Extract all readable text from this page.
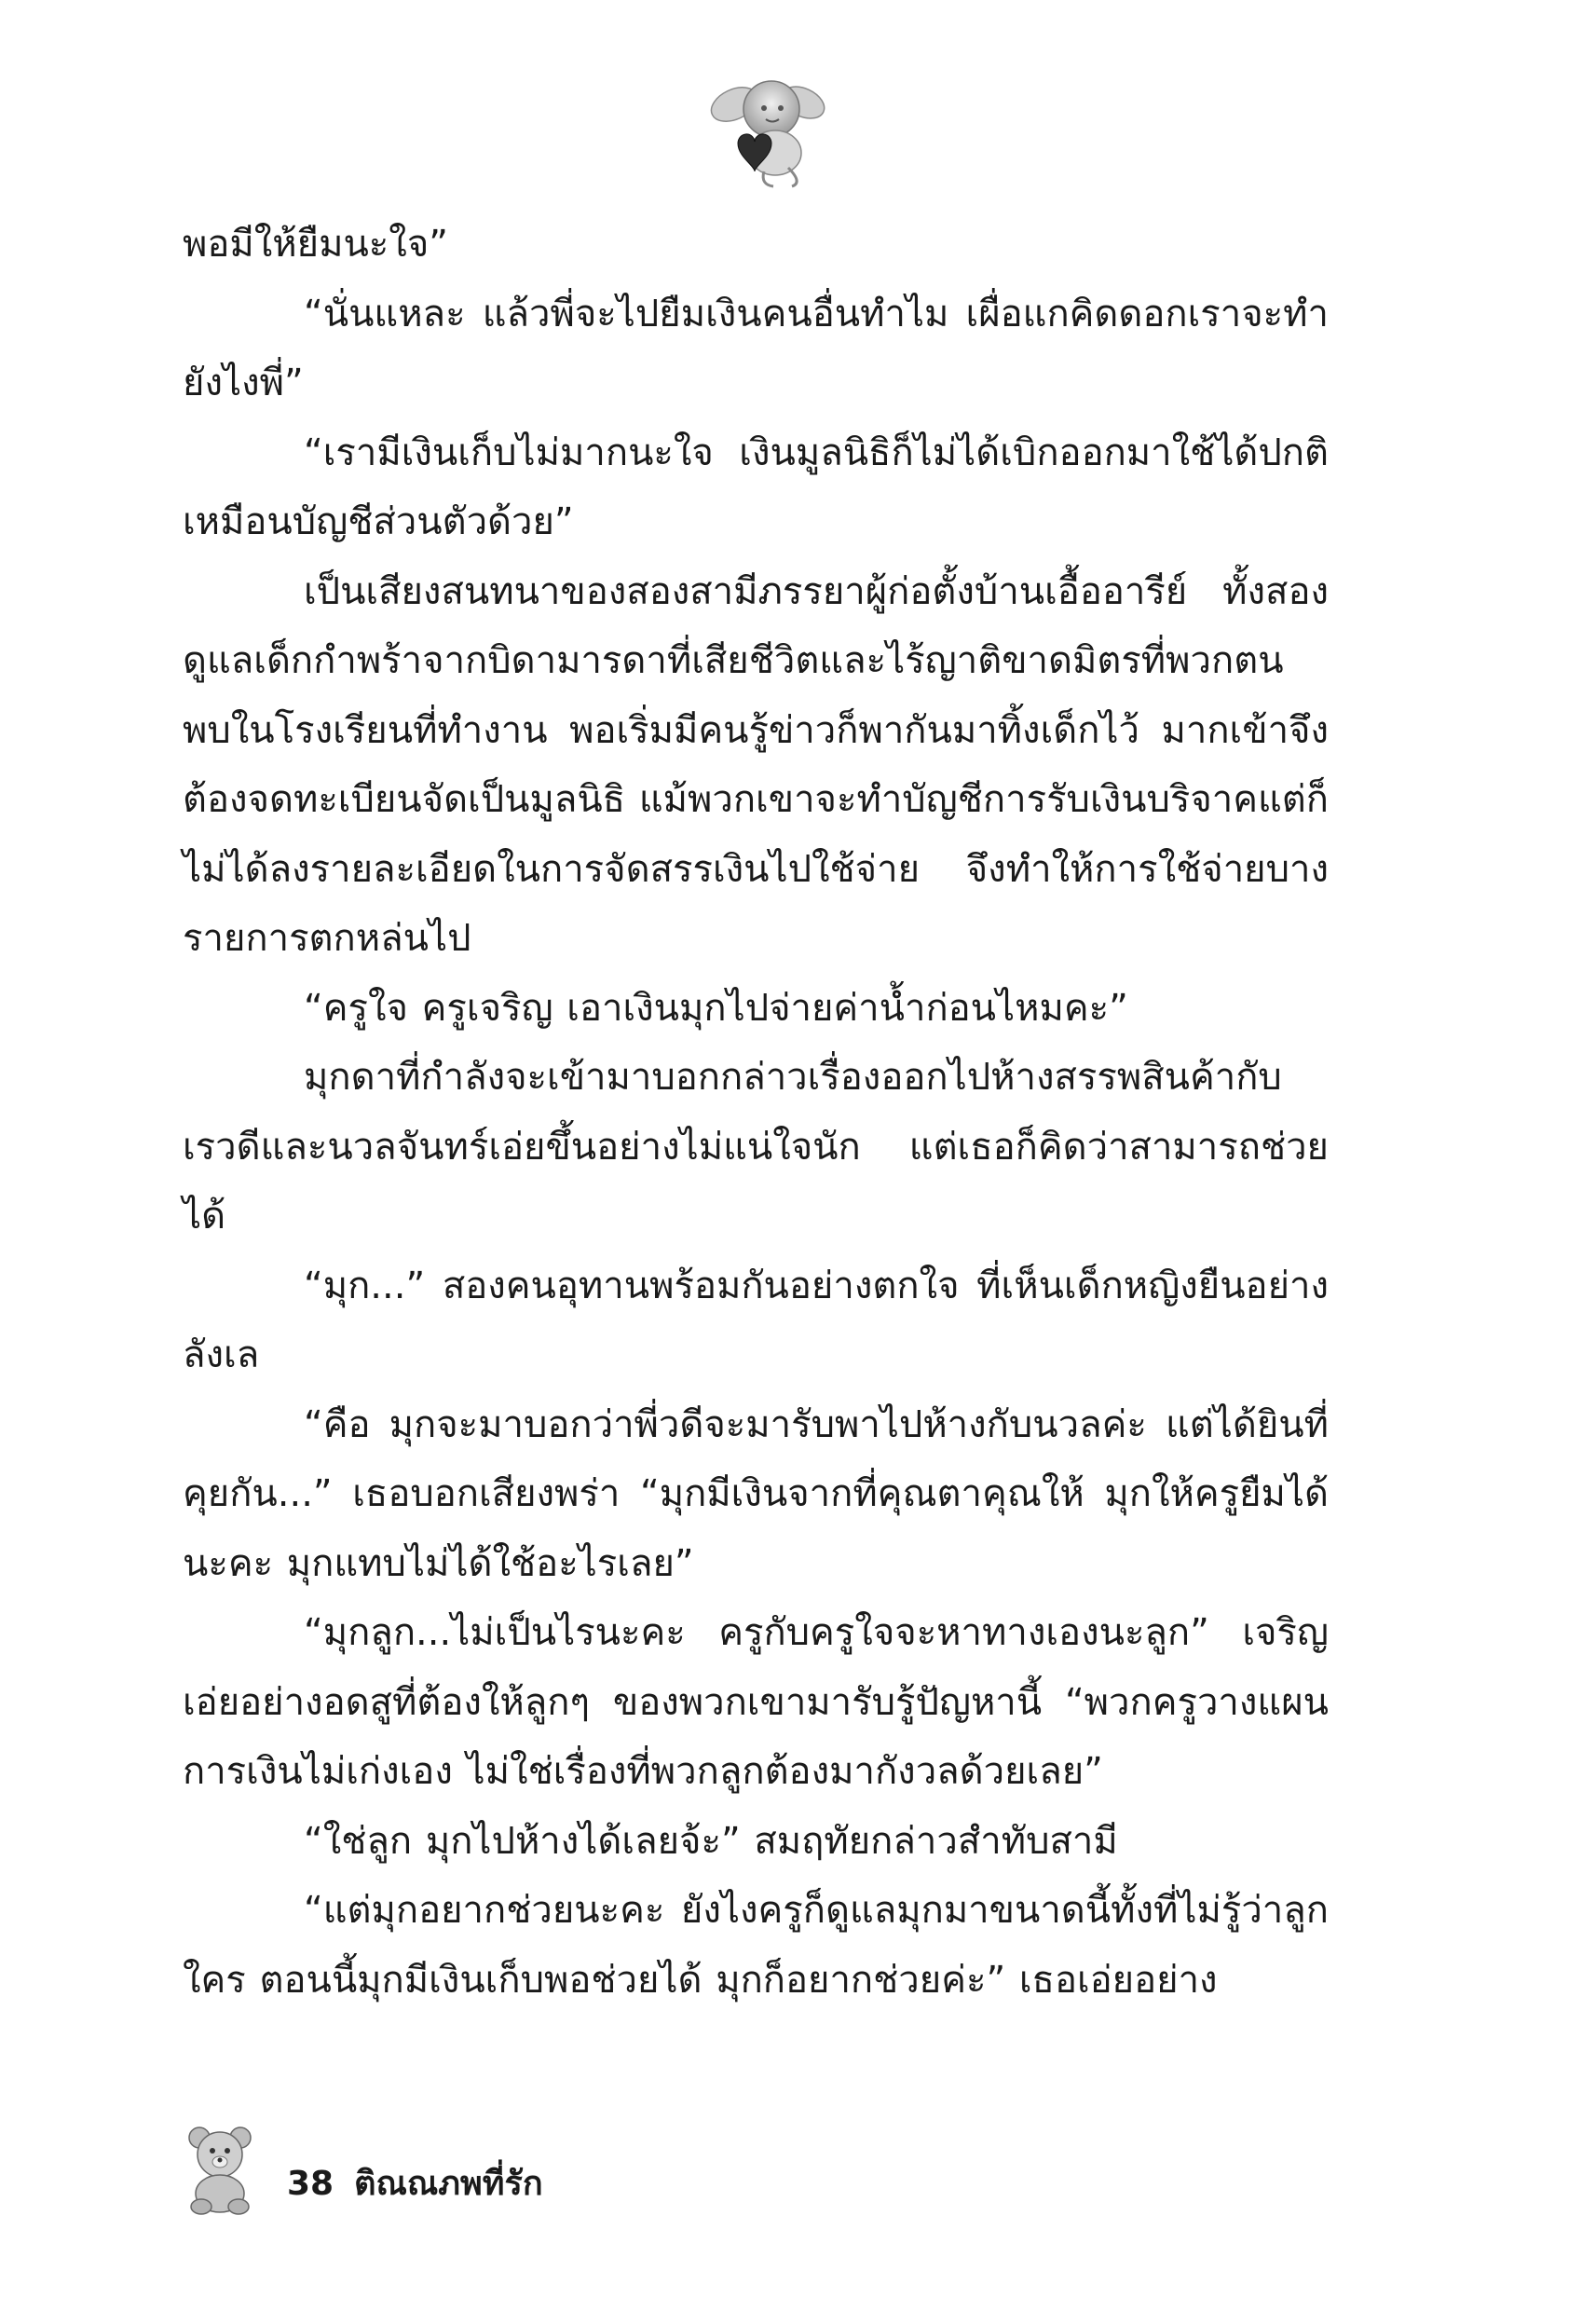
พอมีให้ยืมนะใจ”

“นั่นแหละ แล้วพี่จะไปยืมเงินคนอื่นทำไม เผื่อแกคิดดอกเราจะทำยังไงพี่”

“เรามีเงินเก็บไม่มากนะใจ เงินมูลนิธิก็ไม่ได้เบิกออกมาใช้ได้ปกติเหมือนบัญชีส่วนตัวด้วย”

เป็นเสียงสนทนาของสองสามีภรรยาผู้ก่อตั้งบ้านเอื้ออารีย์ ทั้งสองดูแลเด็กกำพร้าจากบิดามารดาที่เสียชีวิตและไร้ญาติขาดมิตรที่พวกตนพบในโรงเรียนที่ทำงาน พอเริ่มมีคนรู้ข่าวก็พากันมาทิ้งเด็กไว้ มากเข้าจึงต้องจดทะเบียนจัดเป็นมูลนิธิ แม้พวกเขาจะทำบัญชีการรับเงินบริจาคแต่ก็ไม่ได้ลงรายละเอียดในการจัดสรรเงินไปใช้จ่าย จึงทำให้การใช้จ่ายบางรายการตกหล่นไป

“ครูใจ ครูเจริญ เอาเงินมุกไปจ่ายค่าน้ำก่อนไหมคะ”

มุกดาที่กำลังจะเข้ามาบอกกล่าวเรื่องออกไปห้างสรรพสินค้ากับเรวดีและนวลจันทร์เอ่ยขึ้นอย่างไม่แน่ใจนัก แต่เธอก็คิดว่าสามารถช่วยได้

“มุก...” สองคนอุทานพร้อมกันอย่างตกใจ ที่เห็นเด็กหญิงยืนอย่างลังเล

“คือ มุกจะมาบอกว่าพี่วดีจะมารับพาไปห้างกับนวลค่ะ แต่ได้ยินที่คุยกัน...” เธอบอกเสียงพร่า “มุกมีเงินจากที่คุณตาคุณให้ มุกให้ครูยืมได้นะคะ มุกแทบไม่ได้ใช้อะไรเลย”

“มุกลูก...ไม่เป็นไรนะคะ ครูกับครูใจจะหาทางเองนะลูก” เจริญเอ่ยอย่างอดสูที่ต้องให้ลูกๆ ของพวกเขามารับรู้ปัญหานี้ “พวกครูวางแผนการเงินไม่เก่งเอง ไม่ใช่เรื่องที่พวกลูกต้องมากังวลด้วยเลย”

“ใช่ลูก มุกไปห้างได้เลยจ้ะ” สมฤทัยกล่าวสำทับสามี

“แต่มุกอยากช่วยนะคะ ยังไงครูก็ดูแลมุกมาขนาดนี้ทั้งที่ไม่รู้ว่าลูกใคร ตอนนี้มุกมีเงินเก็บพอช่วยได้ มุกก็อยากช่วยค่ะ” เธอเอ่ยอย่าง

38 ติณณภพที่รัก
